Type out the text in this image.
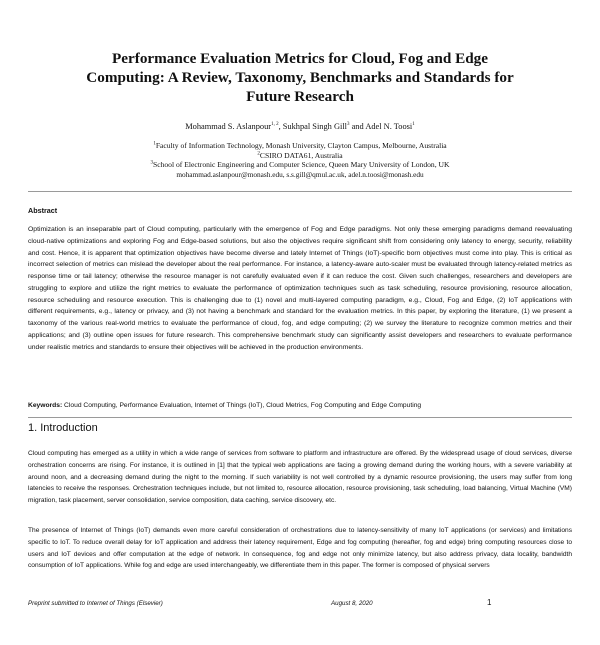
Performance Evaluation Metrics for Cloud, Fog and Edge
Computing: A Review, Taxonomy, Benchmarks and Standards for
Future Research
Mohammad S. Aslanpour$^{1, 2}$, Sukhpal Singh Gill$^3$ and Adel N. Toosi$^1$
$^1$Faculty of Information Technology, Monash University, Clayton Campus, Melbourne, Australia
$^2$CSIRO DATA61, Australia
$^3$School of Electronic Engineering and Computer Science, Queen Mary University of London, UK
mohammad.aslanpour@monash.edu, s.s.gill@qmul.ac.uk, adel.n.toosi@monash.edu
Abstract
Optimization is an inseparable part of Cloud computing, particularly with the emergence of Fog and Edge paradigms. Not only these emerging paradigms demand reevaluating cloud-native optimizations and exploring Fog and Edge-based solutions, but also the objectives require significant shift from considering only latency to energy, security, reliability and cost. Hence, it is apparent that optimization objectives have become diverse and lately Internet of Things (IoT)-specific born objectives must come into play. This is critical as incorrect selection of metrics can mislead the developer about the real performance. For instance, a latency-aware auto-scaler must be evaluated through latency-related metrics as response time or tail latency; otherwise the resource manager is not carefully evaluated even if it can reduce the cost. Given such challenges, researchers and developers are struggling to explore and utilize the right metrics to evaluate the performance of optimization techniques such as task scheduling, resource provisioning, resource allocation, resource scheduling and resource execution. This is challenging due to (1) novel and multi-layered computing paradigm, e.g., Cloud, Fog and Edge, (2) IoT applications with different requirements, e.g., latency or privacy, and (3) not having a benchmark and standard for the evaluation metrics. In this paper, by exploring the literature, (1) we present a taxonomy of the various real-world metrics to evaluate the performance of cloud, fog, and edge computing; (2) we survey the literature to recognize common metrics and their applications; and (3) outline open issues for future research. This comprehensive benchmark study can significantly assist developers and researchers to evaluate performance under realistic metrics and standards to ensure their objectives will be achieved in the production environments.
Keywords: Cloud Computing, Performance Evaluation, Internet of Things (IoT), Cloud Metrics, Fog Computing and Edge Computing
1. Introduction
Cloud computing has emerged as a utility in which a wide range of services from software to platform and infrastructure are offered. By the widespread usage of cloud services, diverse orchestration concerns are rising. For instance, it is outlined in [1] that the typical web applications are facing a growing demand during the working hours, with a severe variability at around noon, and a decreasing demand during the night to the morning. If such variability is not well controlled by a dynamic resource provisioning, the users may suffer from long latencies to receive the responses. Orchestration techniques include, but not limited to, resource allocation, resource provisioning, task scheduling, load balancing, Virtual Machine (VM) migration, task placement, server consolidation, service composition, data caching, service discovery, etc.
The presence of Internet of Things (IoT) demands even more careful consideration of orchestrations due to latency-sensitivity of many IoT applications (or services) and limitations specific to IoT. To reduce overall delay for IoT application and address their latency requirement, Edge and fog computing (hereafter, fog and edge) bring computing resources close to users and IoT devices and offer computation at the edge of network. In consequence, fog and edge not only minimize latency, but also address privacy, data locality, bandwidth consumption of IoT applications. While fog and edge are used interchangeably, we differentiate them in this paper. The former is composed of physical servers
Preprint submitted to Internet of Things (Elsevier)	August 8, 2020	1
